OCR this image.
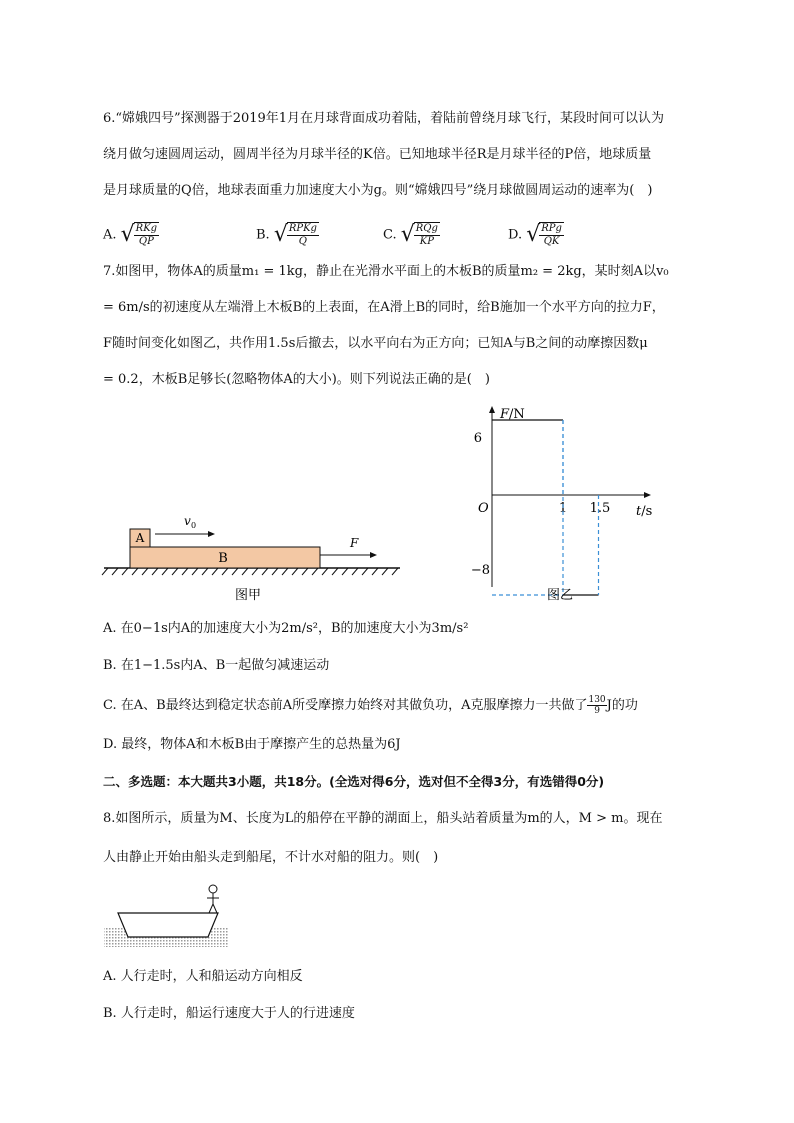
6.“嫦娥四号”探测器于2019年1月在月球背面成功着陆，着陆前曾绕月球飞行，某段时间可以认为
绕月做匀速圆周运动，圆周半径为月球半径的K倍。已知地球半径R是月球半径的P倍，地球质量
是月球质量的Q倍，地球表面重力加速度大小为g。则“嫦娥四号”绕月球做圆周运动的速率为(　)
A. √ $\frac{\text{RKg}}{QP}$	B. √ $\frac{\text{RPKg}}{Q}$	C. √ $\frac{\text{RQg}}{KP}$	D. √ $\frac{\text{RPg}}{QK}$
7.如图甲，物体A的质量m₁ = 1kg，静止在光滑水平面上的木板B的质量m₂ = 2kg，某时刻A以v₀
= 6m/s的初速度从左端滑上木板B的上表面，在A滑上B的同时，给B施加一个水平方向的拉力F，
F随时间变化如图乙，共作用1.5s后撤去，以水平向右为正方向；已知A与B之间的动摩擦因数μ
= 0.2，木板B足够长(忽略物体A的大小)。则下列说法正确的是(　)
B
A
v 0
F
图甲
F/N
t/s
O
6
−8
1 1.5
图乙
A. 在0−1s内A的加速度大小为2m/s²，B的加速度大小为3m/s²
B. 在1−1.5s内A、B一起做匀减速运动
C. 在A、B最终达到稳定状态前A所受摩擦力始终对其做负功，A克服摩擦力一共做了 $\frac{130}{9}$ J的功
D. 最终，物体A和木板B由于摩擦产生的总热量为6J
二、多选题：本大题共3小题，共18分。(全选对得6分，选对但不全得3分，有选错得0分)
8.如图所示，质量为M、长度为L的船停在平静的湖面上，船头站着质量为m的人，M > m。现在
人由静止开始由船头走到船尾，不计水对船的阻力。则(　)
A. 人行走时，人和船运动方向相反
B. 人行走时，船运行速度大于人的行进速度
